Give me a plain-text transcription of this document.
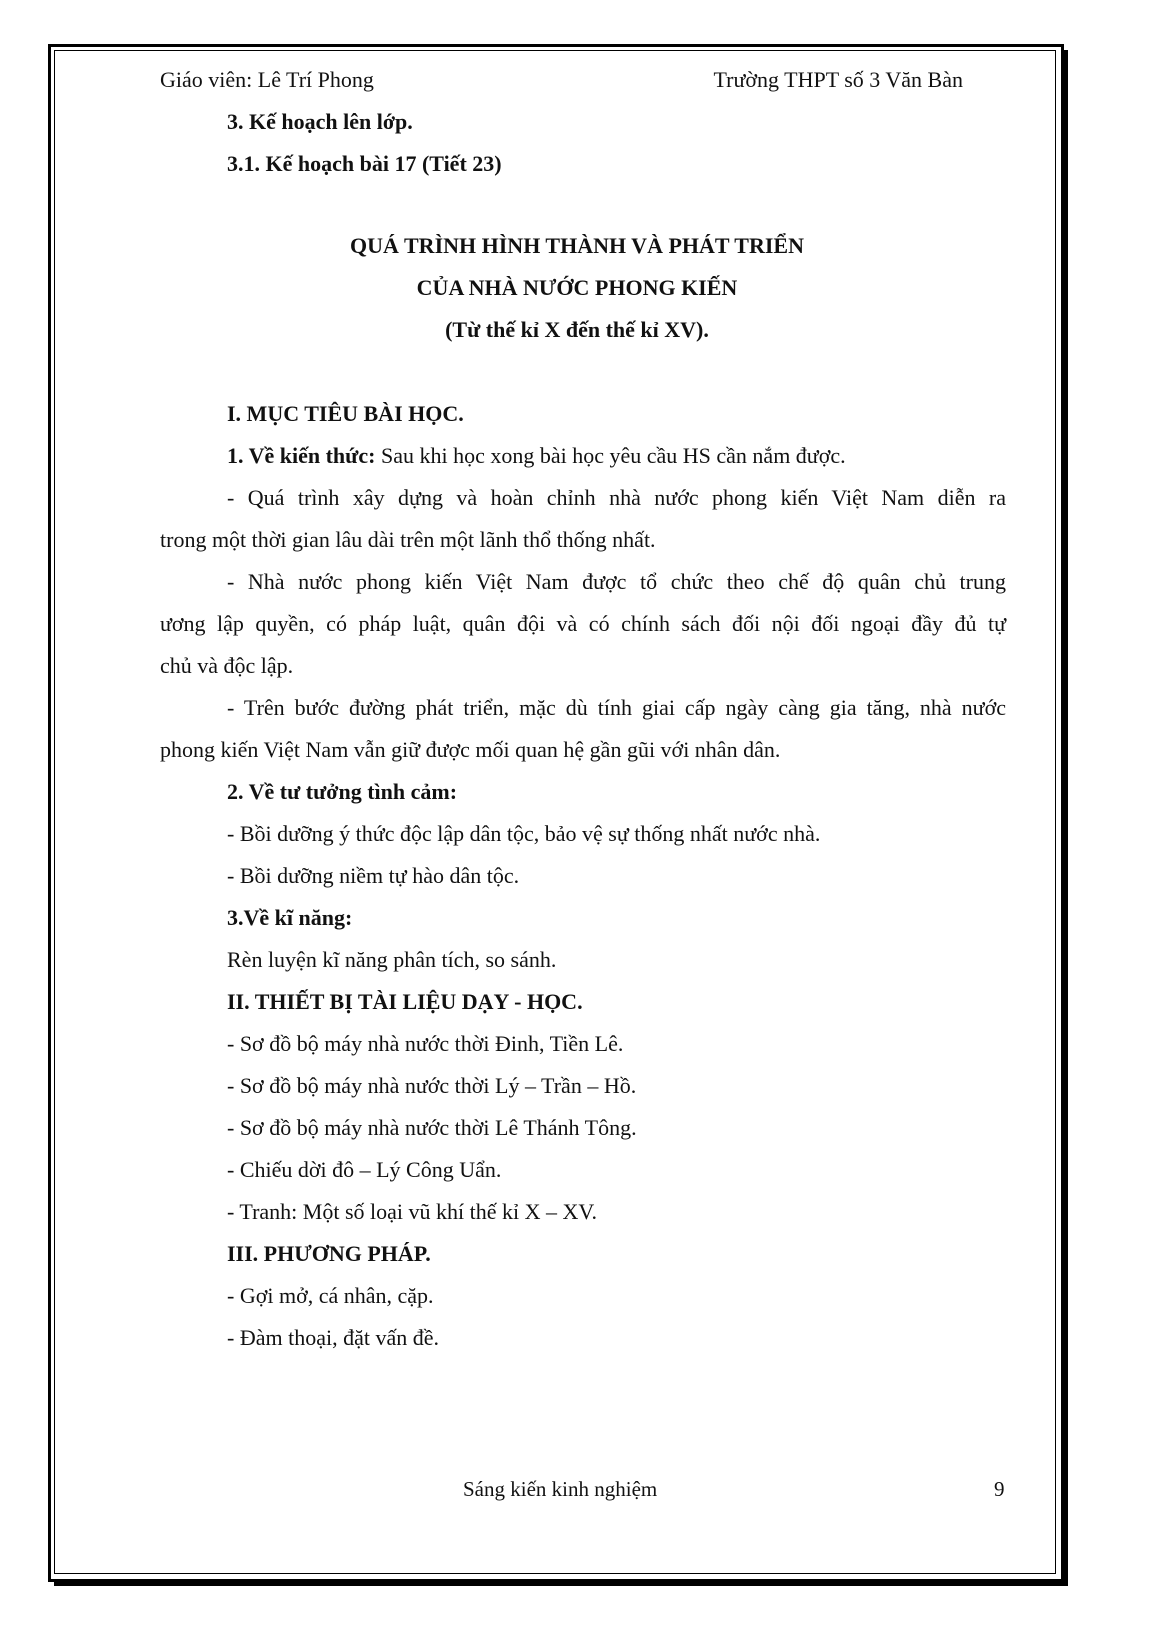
Giáo viên: Lê Trí Phong	Trường THPT số 3 Văn Bàn
3. Kế hoạch lên lớp.
3.1. Kế hoạch bài 17 (Tiết 23)
QUÁ TRÌNH HÌNH THÀNH VÀ PHÁT TRIỂN
CỦA NHÀ NƯỚC PHONG KIẾN
(Từ thế kỉ X đến thế kỉ XV).
I. MỤC TIÊU BÀI HỌC.
1. Về kiến thức: Sau khi học xong bài học yêu cầu HS cần nắm được.
- Quá trình xây dựng và hoàn chỉnh nhà nước phong kiến Việt Nam diễn ra
trong một thời gian lâu dài trên một lãnh thổ thống nhất.
- Nhà nước phong kiến Việt Nam được tổ chức theo chế độ quân chủ trung
ương lập quyền, có pháp luật, quân đội và có chính sách đối nội đối ngoại đầy đủ tự
chủ và độc lập.
- Trên bước đường phát triển, mặc dù tính giai cấp ngày càng gia tăng, nhà nước
phong kiến Việt Nam vẫn giữ được mối quan hệ gần gũi với nhân dân.
2. Về tư tưởng tình cảm:
- Bồi dưỡng ý thức độc lập dân tộc, bảo vệ sự thống nhất nước nhà.
- Bồi dưỡng niềm tự hào dân tộc.
3.Về kĩ năng:
Rèn luyện kĩ năng phân tích, so sánh.
II. THIẾT BỊ TÀI LIỆU DẠY - HỌC.
- Sơ đồ bộ máy nhà nước thời Đinh, Tiền Lê.
- Sơ đồ bộ máy nhà nước thời Lý – Trần – Hồ.
- Sơ đồ bộ máy nhà nước thời Lê Thánh Tông.
- Chiếu dời đô – Lý Công Uẩn.
- Tranh: Một số loại vũ khí thế kỉ X – XV.
III. PHƯƠNG PHÁP.
- Gợi mở, cá nhân, cặp.
- Đàm thoại, đặt vấn đề.
Sáng kiến kinh nghiệm	9
